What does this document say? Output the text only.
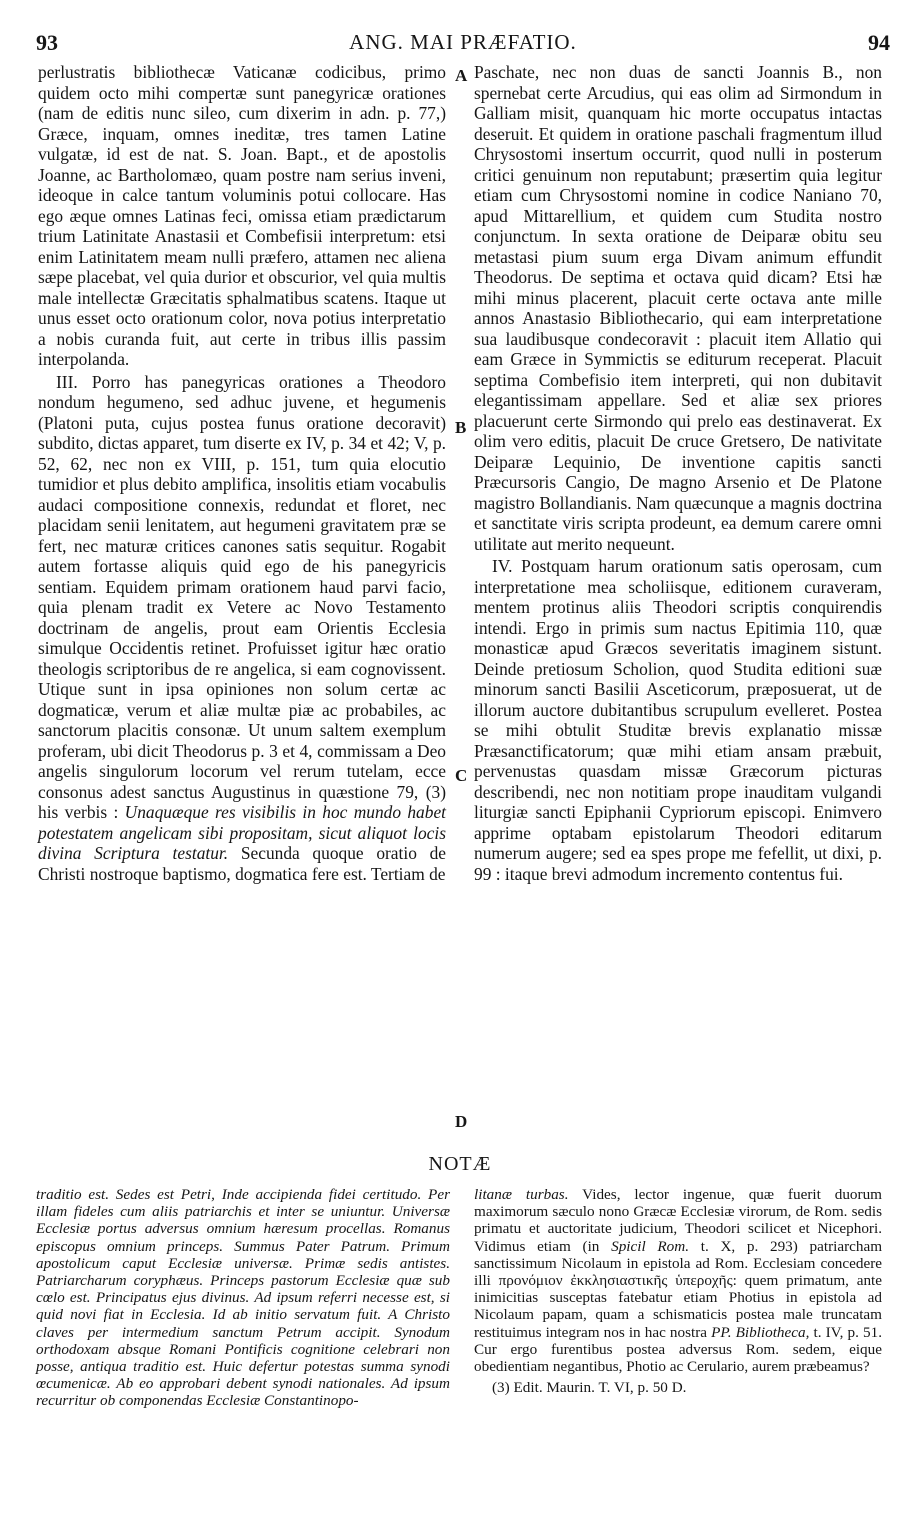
93	ANG. MAI PRÆFATIO.	94
A
B
C
D

perlustratis bibliothecæ Vaticanæ codicibus, primo quidem octo mihi compertæ sunt panegyricæ orationes (nam de editis nunc sileo, cum dixerim in adn. p. 77,) Græce, inquam, omnes ineditæ, tres tamen Latine vulgatæ, id est de nat. S. Joan. Bapt., et de apostolis Joanne, ac Bartholomæo, quam postre nam serius inveni, ideoque in calce tantum voluminis potui collocare. Has ego æque omnes Latinas feci, omissa etiam prædictarum trium Latinitate Anastasii et Combefisii interpretum: etsi enim Latinitatem meam nulli præfero, attamen nec aliena sæpe placebat, vel quia durior et obscurior, vel quia multis male intellectæ Græcitatis sphalmatibus scatens. Itaque ut unus esset octo orationum color, nova potius interpretatio a nobis curanda fuit, aut certe in tribus illis passim interpolanda.

III. Porro has panegyricas orationes a Theodoro nondum hegumeno, sed adhuc juvene, et hegumenis (Platoni puta, cujus postea funus oratione decoravit) subdito, dictas apparet, tum diserte ex IV, p. 34 et 42; V, p. 52, 62, nec non ex VIII, p. 151, tum quia elocutio tumidior et plus debito amplifica, insolitis etiam vocabulis audaci compositione connexis, redundat et floret, nec placidam senii lenitatem, aut hegumeni gravitatem præ se fert, nec maturæ critices canones satis sequitur. Rogabit autem fortasse aliquis quid ego de his panegyricis sentiam. Equidem primam orationem haud parvi facio, quia plenam tradit ex Vetere ac Novo Testamento doctrinam de angelis, prout eam Orientis Ecclesia simulque Occidentis retinet. Profuisset igitur hæc oratio theologis scriptoribus de re angelica, si eam cognovissent. Utique sunt in ipsa opiniones non solum certæ ac dogmaticæ, verum et aliæ multæ piæ ac probabiles, ac sanctorum placitis consonæ. Ut unum saltem exemplum proferam, ubi dicit Theodorus p. 3 et 4, commissam a Deo angelis singulorum locorum vel rerum tutelam, ecce consonus adest sanctus Augustinus in quæstione 79, (3) his verbis : Unaquæque res visibilis in hoc mundo habet potestatem angelicam sibi propositam, sicut aliquot locis divina Scriptura testatur. Secunda quoque oratio de Christi nostroque baptismo, dogmatica fere est. Tertiam de

Paschate, nec non duas de sancti Joannis B., non spernebat certe Arcudius, qui eas olim ad Sirmondum in Galliam misit, quanquam hic morte occupatus intactas deseruit. Et quidem in oratione paschali fragmentum illud Chrysostomi insertum occurrit, quod nulli in posterum critici genuinum non reputabunt; præsertim quia legitur etiam cum Chrysostomi nomine in codice Naniano 70, apud Mittarellium, et quidem cum Studita nostro conjunctum. In sexta oratione de Deiparæ obitu seu metastasi pium suum erga Divam animum effundit Theodorus. De septima et octava quid dicam? Etsi hæ mihi minus placerent, placuit certe octava ante mille annos Anastasio Bibliothecario, qui eam interpretatione sua laudibusque condecoravit : placuit item Allatio qui eam Græce in Symmictis se editurum receperat. Placuit septima Combefisio item interpreti, qui non dubitavit elegantissimam appellare. Sed et aliæ sex priores placuerunt certe Sirmondo qui prelo eas destinaverat. Ex olim vero editis, placuit De cruce Gretsero, De nativitate Deiparæ Lequinio, De inventione capitis sancti Præcursoris Cangio, De magno Arsenio et De Platone magistro Bollandianis. Nam quæcunque a magnis doctrina et sanctitate viris scripta prodeunt, ea demum carere omni utilitate aut merito nequeunt.

IV. Postquam harum orationum satis operosam, cum interpretatione mea scholiisque, editionem curaveram, mentem protinus aliis Theodori scriptis conquirendis intendi. Ergo in primis sum nactus Epitimia 110, quæ monasticæ apud Græcos severitatis imaginem sistunt. Deinde pretiosum Scholion, quod Studita editioni suæ minorum sancti Basilii Asceticorum, præposuerat, ut de illorum auctore dubitantibus scrupulum evelleret. Postea se mihi obtulit Studitæ brevis explanatio missæ Præsanctificatorum; quæ mihi etiam ansam præbuit, pervenustas quasdam missæ Græcorum picturas describendi, nec non notitiam prope inauditam vulgandi liturgiæ sancti Epiphanii Cypriorum episcopi. Enimvero apprime optabam epistolarum Theodori editarum numerum augere; sed ea spes prope me fefellit, ut dixi, p. 99 : itaque brevi admodum incremento contentus fui.

NOTÆ
traditio est. Sedes est Petri, Inde accipienda fidei certitudo. Per illam fideles cum aliis patriarchis et inter se uniuntur. Universæ Ecclesiæ portus adversus omnium hæresum procellas. Romanus episcopus omnium princeps. Summus Pater Patrum. Primum apostolicum caput Ecclesiæ universæ. Primæ sedis antistes. Patriarcharum coryphæus. Princeps pastorum Ecclesiæ quæ sub cœlo est. Principatus ejus divinus. Ad ipsum referri necesse est, si quid novi fiat in Ecclesia. Id ab initio servatum fuit. A Christo claves per intermedium sanctum Petrum accipit. Synodum orthodoxam absque Romani Pontificis cognitione celebrari non posse, antiqua traditio est. Huic defertur potestas summa synodi œcumenicæ. Ab eo approbari debent synodi nationales. Ad ipsum recurritur ob componendas Ecclesiæ Constantinopo-

litanæ turbas. Vides, lector ingenue, quæ fuerit duorum maximorum sæculo nono Græcæ Ecclesiæ virorum, de Rom. sedis primatu et auctoritate judicium, Theodori scilicet et Nicephori. Vidimus etiam (in Spicil Rom. t. X, p. 293) patriarcham sanctissimum Nicolaum in epistola ad Rom. Ecclesiam concedere illi προνόμιον ἐκκλησιαστικῆς ὑπεροχῆς: quem primatum, ante inimicitias susceptas fatebatur etiam Photius in epistola ad Nicolaum papam, quam a schismaticis postea male truncatam restituimus integram nos in hac nostra PP. Bibliotheca, t. IV, p. 51. Cur ergo furentibus postea adversus Rom. sedem, eique obedientiam negantibus, Photio ac Cerulario, aurem præbeamus?

(3) Edit. Maurin. T. VI, p. 50 D.
